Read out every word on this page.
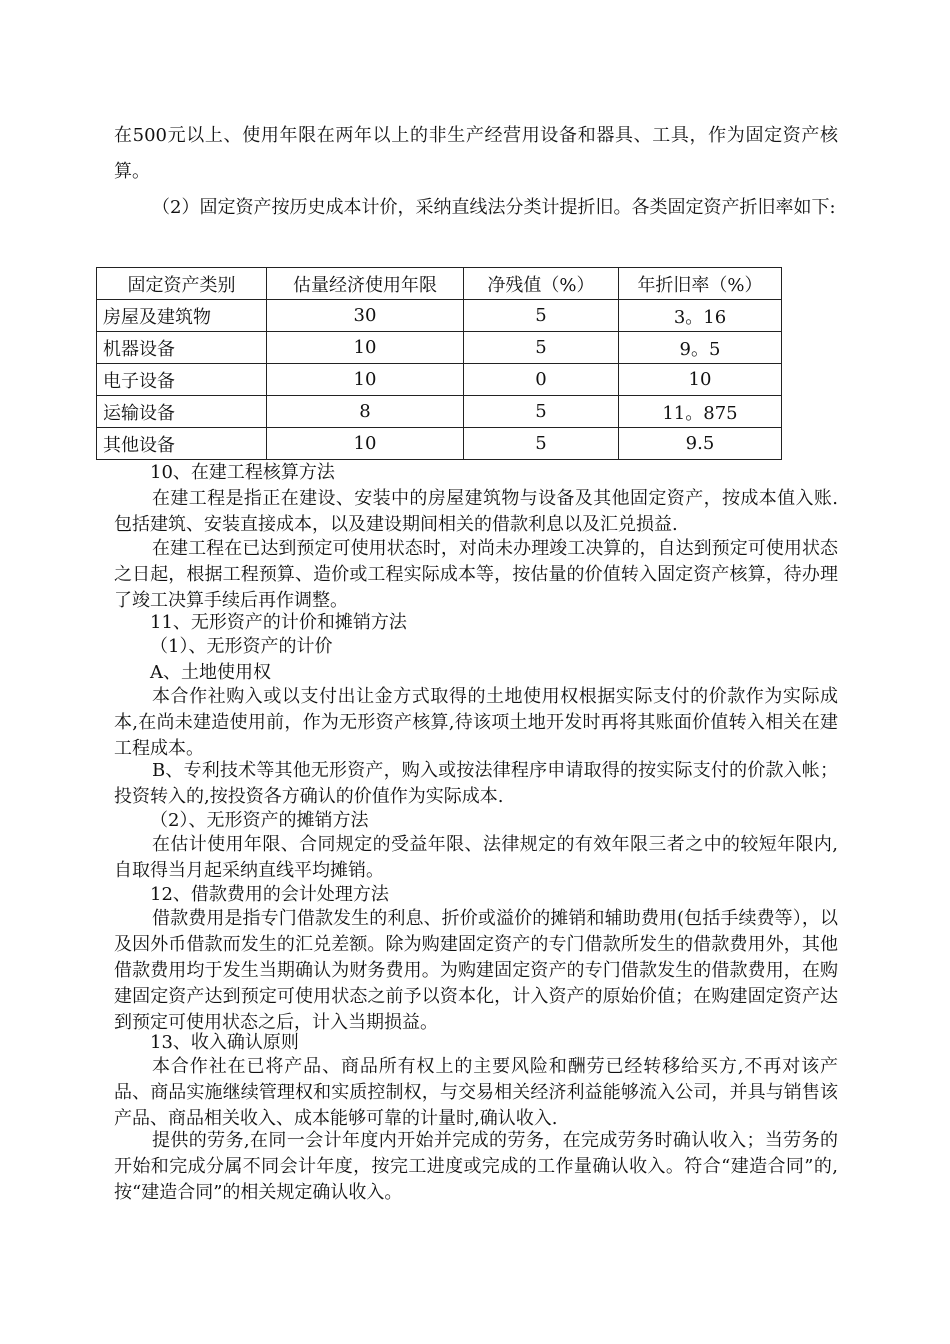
在500元以上、使用年限在两年以上的非生产经营用设备和器具、工具，作为固定资产核算。

（2）固定资产按历史成本计价，采纳直线法分类计提折旧。各类固定资产折旧率如下:

固定资产类别	估量经济使用年限	净残值（%）	年折旧率（%）
房屋及建筑物	30	5	3。16
机器设备	10	5	9。5
电子设备	10	0	10
运输设备	8	5	11。875
其他设备	10	5	9.5

10、在建工程核算方法

在建工程是指正在建设、安装中的房屋建筑物与设备及其他固定资产，按成本值入账.包括建筑、安装直接成本，以及建设期间相关的借款利息以及汇兑损益.

在建工程在已达到预定可使用状态时，对尚未办理竣工决算的，自达到预定可使用状态之日起，根据工程预算、造价或工程实际成本等，按估量的价值转入固定资产核算，待办理了竣工决算手续后再作调整。

11、无形资产的计价和摊销方法

（1）、无形资产的计价

A、土地使用权

本合作社购入或以支付出让金方式取得的土地使用权根据实际支付的价款作为实际成本,在尚未建造使用前，作为无形资产核算,待该项土地开发时再将其账面价值转入相关在建工程成本。

B、专利技术等其他无形资产，购入或按法律程序申请取得的按实际支付的价款入帐；投资转入的,按投资各方确认的价值作为实际成本.

（2）、无形资产的摊销方法

在估计使用年限、合同规定的受益年限、法律规定的有效年限三者之中的较短年限内,自取得当月起采纳直线平均摊销。

12、借款费用的会计处理方法

借款费用是指专门借款发生的利息、折价或溢价的摊销和辅助费用(包括手续费等），以及因外币借款而发生的汇兑差额。除为购建固定资产的专门借款所发生的借款费用外，其他借款费用均于发生当期确认为财务费用。为购建固定资产的专门借款发生的借款费用，在购建固定资产达到预定可使用状态之前予以资本化，计入资产的原始价值；在购建固定资产达到预定可使用状态之后，计入当期损益。

13、收入确认原则

本合作社在已将产品、商品所有权上的主要风险和酬劳已经转移给买方,不再对该产品、商品实施继续管理权和实质控制权，与交易相关经济利益能够流入公司，并具与销售该产品、商品相关收入、成本能够可靠的计量时,确认收入.

提供的劳务,在同一会计年度内开始并完成的劳务，在完成劳务时确认收入；当劳务的开始和完成分属不同会计年度，按完工进度或完成的工作量确认收入。符合“建造合同”的,按“建造合同”的相关规定确认收入。
